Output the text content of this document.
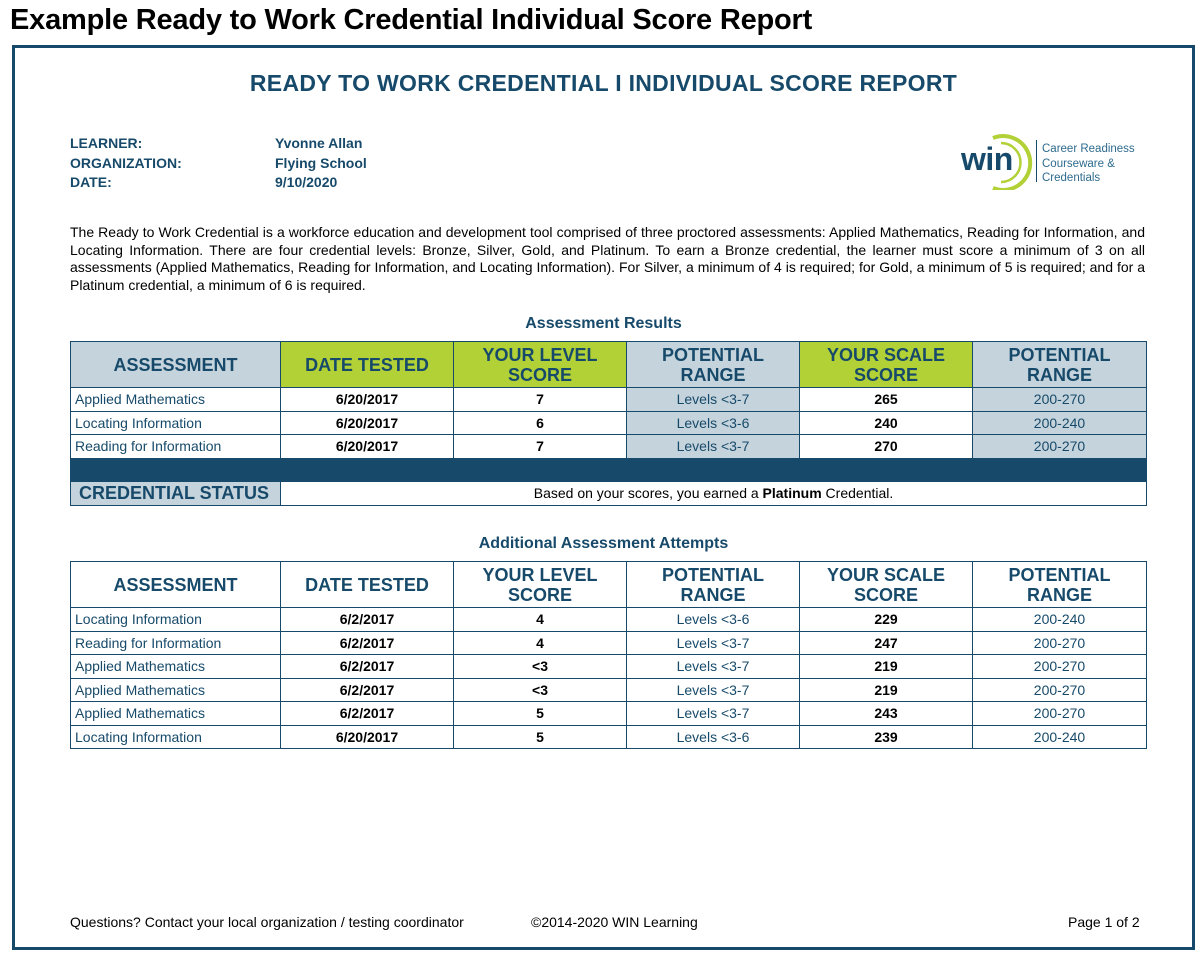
Example Ready to Work Credential Individual Score Report
READY TO WORK CREDENTIAL I INDIVIDUAL SCORE REPORT
LEARNER:	Yvonne Allan
ORGANIZATION:	Flying School
DATE:	9/10/2020
win	Career Readiness
Courseware &
Credentials
The Ready to Work Credential is a workforce education and development tool comprised of three proctored assessments: Applied Mathematics, Reading for Information, and Locating Information. There are four credential levels: Bronze, Silver, Gold, and Platinum. To earn a Bronze credential, the learner must score a minimum of 3 on all assessments (Applied Mathematics, Reading for Information, and Locating Information). For Silver, a minimum of 4 is required; for Gold, a minimum of 5 is required; and for a Platinum credential, a minimum of 6 is required.
Assessment Results
ASSESSMENT	DATE TESTED	YOUR LEVEL SCORE	POTENTIAL RANGE	YOUR SCALE SCORE	POTENTIAL RANGE
Applied Mathematics	6/20/2017	7	Levels <3-7	265	200-270
Locating Information	6/20/2017	6	Levels <3-6	240	200-240
Reading for Information	6/20/2017	7	Levels <3-7	270	200-270

CREDENTIAL STATUS	Based on your scores, you earned a Platinum Credential.				
Additional Assessment Attempts
ASSESSMENT	DATE TESTED	YOUR LEVEL SCORE	POTENTIAL RANGE	YOUR SCALE SCORE	POTENTIAL RANGE
Locating Information	6/2/2017	4	Levels <3-6	229	200-240
Reading for Information	6/2/2017	4	Levels <3-7	247	200-270
Applied Mathematics	6/2/2017	<3	Levels <3-7	219	200-270
Applied Mathematics	6/2/2017	<3	Levels <3-7	219	200-270
Applied Mathematics	6/2/2017	5	Levels <3-7	243	200-270
Locating Information	6/20/2017	5	Levels <3-6	239	200-240
Questions? Contact your local organization / testing coordinator	©2014-2020 WIN Learning	Page 1 of 2
